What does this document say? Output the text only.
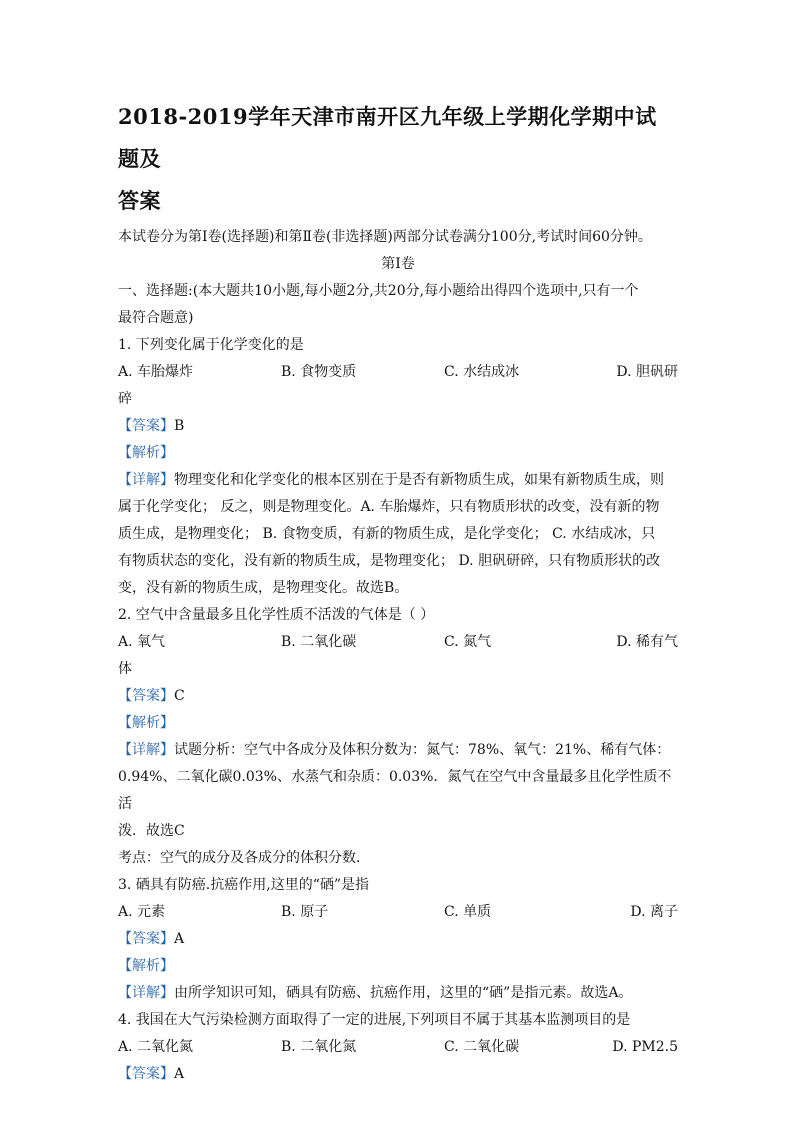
2018-2019学年天津市南开区九年级上学期化学期中试题及
答案

本试卷分为第Ⅰ卷(选择题)和第Ⅱ卷(非选择题)两部分试卷满分100分,考试时间60分钟。

第Ⅰ卷

一、选择题:(本大题共10小题,每小题2分,共20分,每小题给出得四个选项中,只有一个

最符合题意)

1. 下列变化属于化学变化的是

A. 车胎爆炸	B. 食物变质	C. 水结成冰	D. 胆矾研

碎

【答案】B

【解析】

【详解】物理变化和化学变化的根本区别在于是否有新物质生成，如果有新物质生成，则

属于化学变化； 反之，则是物理变化。A. 车胎爆炸，只有物质形状的改变，没有新的物

质生成，是物理变化； B. 食物变质，有新的物质生成，是化学变化； C. 水结成冰，只

有物质状态的变化，没有新的物质生成，是物理变化； D. 胆矾研碎，只有物质形状的改

变，没有新的物质生成，是物理变化。故选B。

2. 空气中含量最多且化学性质不活泼的气体是（ ）

A. 氧气	B. 二氧化碳	C. 氮气	D. 稀有气

体

【答案】C

【解析】

【详解】试题分析：空气中各成分及体积分数为：氮气：78%、氧气：21%、稀有气体：

0.94%、二氧化碳0.03%、水蒸气和杂质：0.03%．氮气在空气中含量最多且化学性质不活

泼．故选C

考点：空气的成分及各成分的体积分数．

3. 硒具有防癌.抗癌作用,这里的“硒”是指

A. 元素	B. 原子	C. 单质	D. 离子

【答案】A

【解析】

【详解】由所学知识可知，硒具有防癌、抗癌作用，这里的“硒”是指元素。故选A。

4. 我国在大气污染检测方面取得了一定的进展,下列项目不属于其基本监测项目的是

A. 二氧化氮	B. 二氧化氮	C. 二氧化碳	D. PM2.5

【答案】A
